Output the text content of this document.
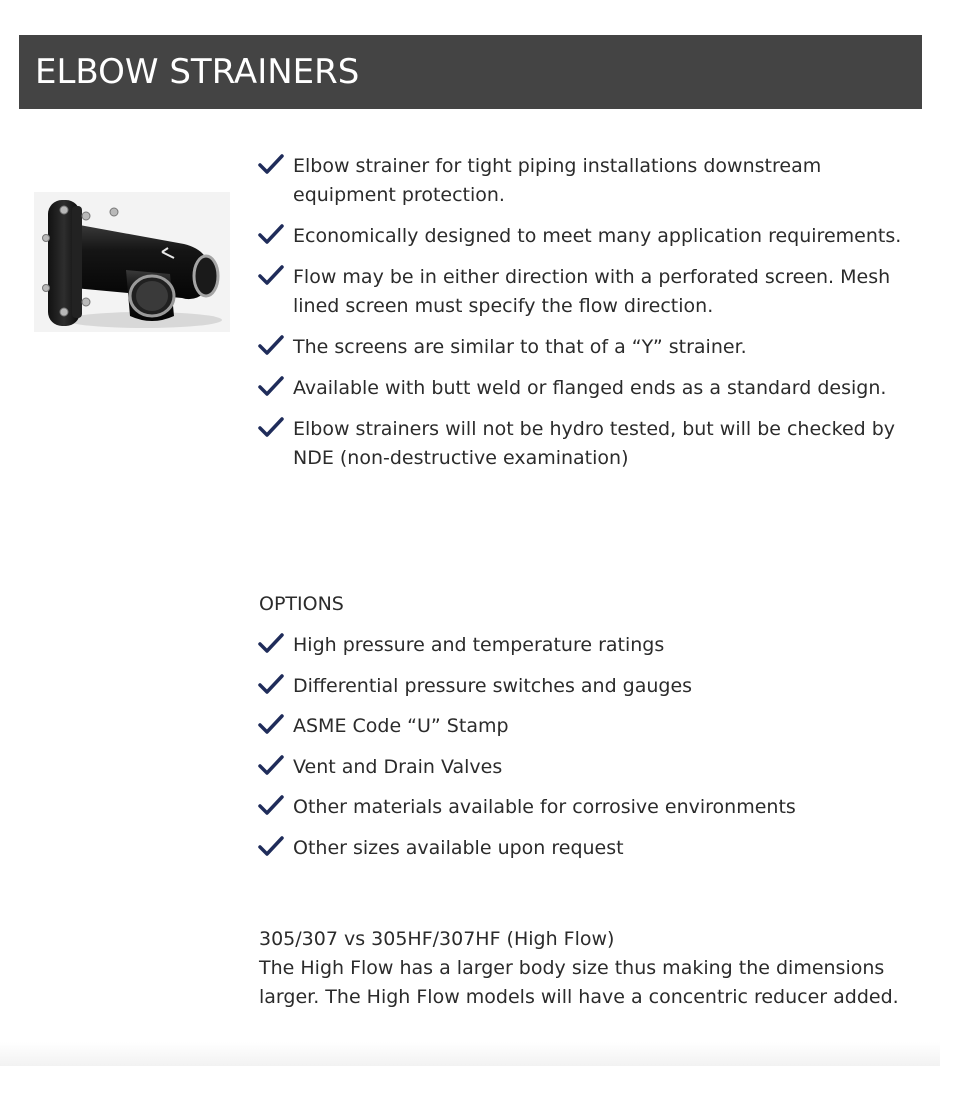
ELBOW STRAINERS
Elbow strainer for tight piping installations downstream equipment protection.
Economically designed to meet many application requirements.
Flow may be in either direction with a perforated screen. Mesh lined screen must specify the flow direction.
The screens are similar to that of a “Y” strainer.
Available with butt weld or flanged ends as a standard design.
Elbow strainers will not be hydro tested, but will be checked by NDE (non-destructive examination)
OPTIONS
High pressure and temperature ratings
Differential pressure switches and gauges
ASME Code “U” Stamp
Vent and Drain Valves
Other materials available for corrosive environments
Other sizes available upon request
305/307 vs 305HF/307HF (High Flow)
The High Flow has a larger body size thus making the dimensions larger. The High Flow models will have a concentric reducer added.
